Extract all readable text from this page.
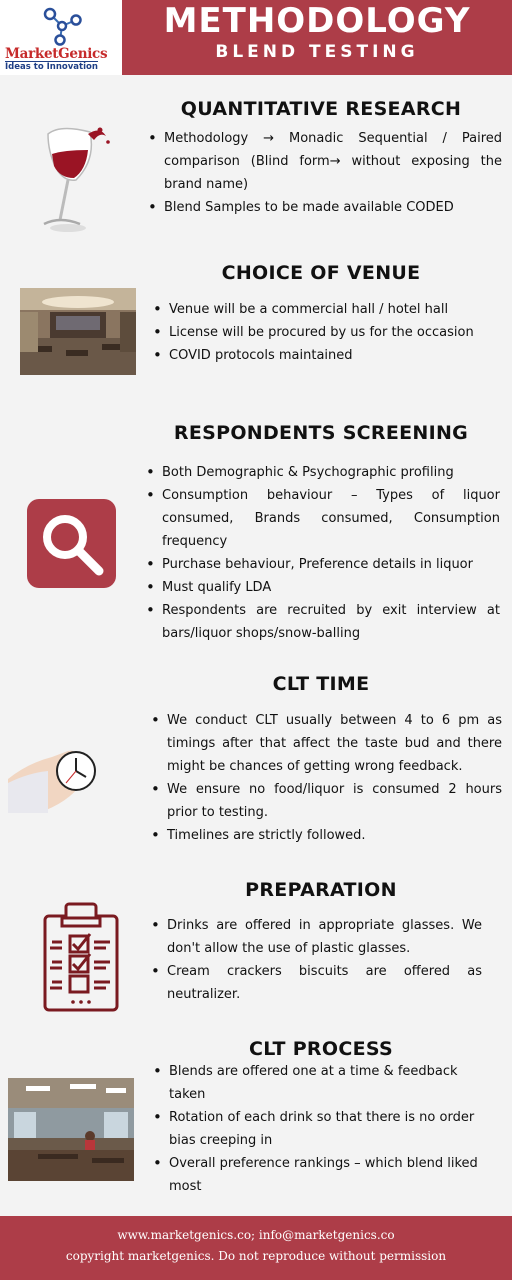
MarketGenics
Ideas to Innovation
METHODOLOGY
BLEND TESTING
QUANTITATIVE RESEARCH
• Methodology → Monadic Sequential / Paired comparison (Blind form→ without exposing the brand name)
• Blend Samples to be made available CODED
CHOICE OF VENUE
• Venue will be a commercial hall / hotel hall
• License will be procured by us for the occasion
• COVID protocols maintained
RESPONDENTS SCREENING
• Both Demographic & Psychographic profiling
• Consumption behaviour – Types of liquor consumed, Brands consumed, Consumption frequency
• Purchase behaviour, Preference details in liquor
• Must qualify LDA
• Respondents are recruited by exit interview at bars/liquor shops/snow-balling
CLT TIME
• We conduct CLT usually between 4 to 6 pm as timings after that affect the taste bud and there might be chances of getting wrong feedback.
• We ensure no food/liquor is consumed 2 hours prior to testing.
• Timelines are strictly followed.
PREPARATION
• Drinks are offered in appropriate glasses. We don't allow the use of plastic glasses.
• Cream crackers biscuits are offered as neutralizer.
CLT PROCESS
• Blends are offered one at a time & feedback taken
• Rotation of each drink so that there is no order bias creeping in
• Overall preference rankings – which blend liked most
www.marketgenics.co; info@marketgenics.co
copyright marketgenics. Do not reproduce without permission
